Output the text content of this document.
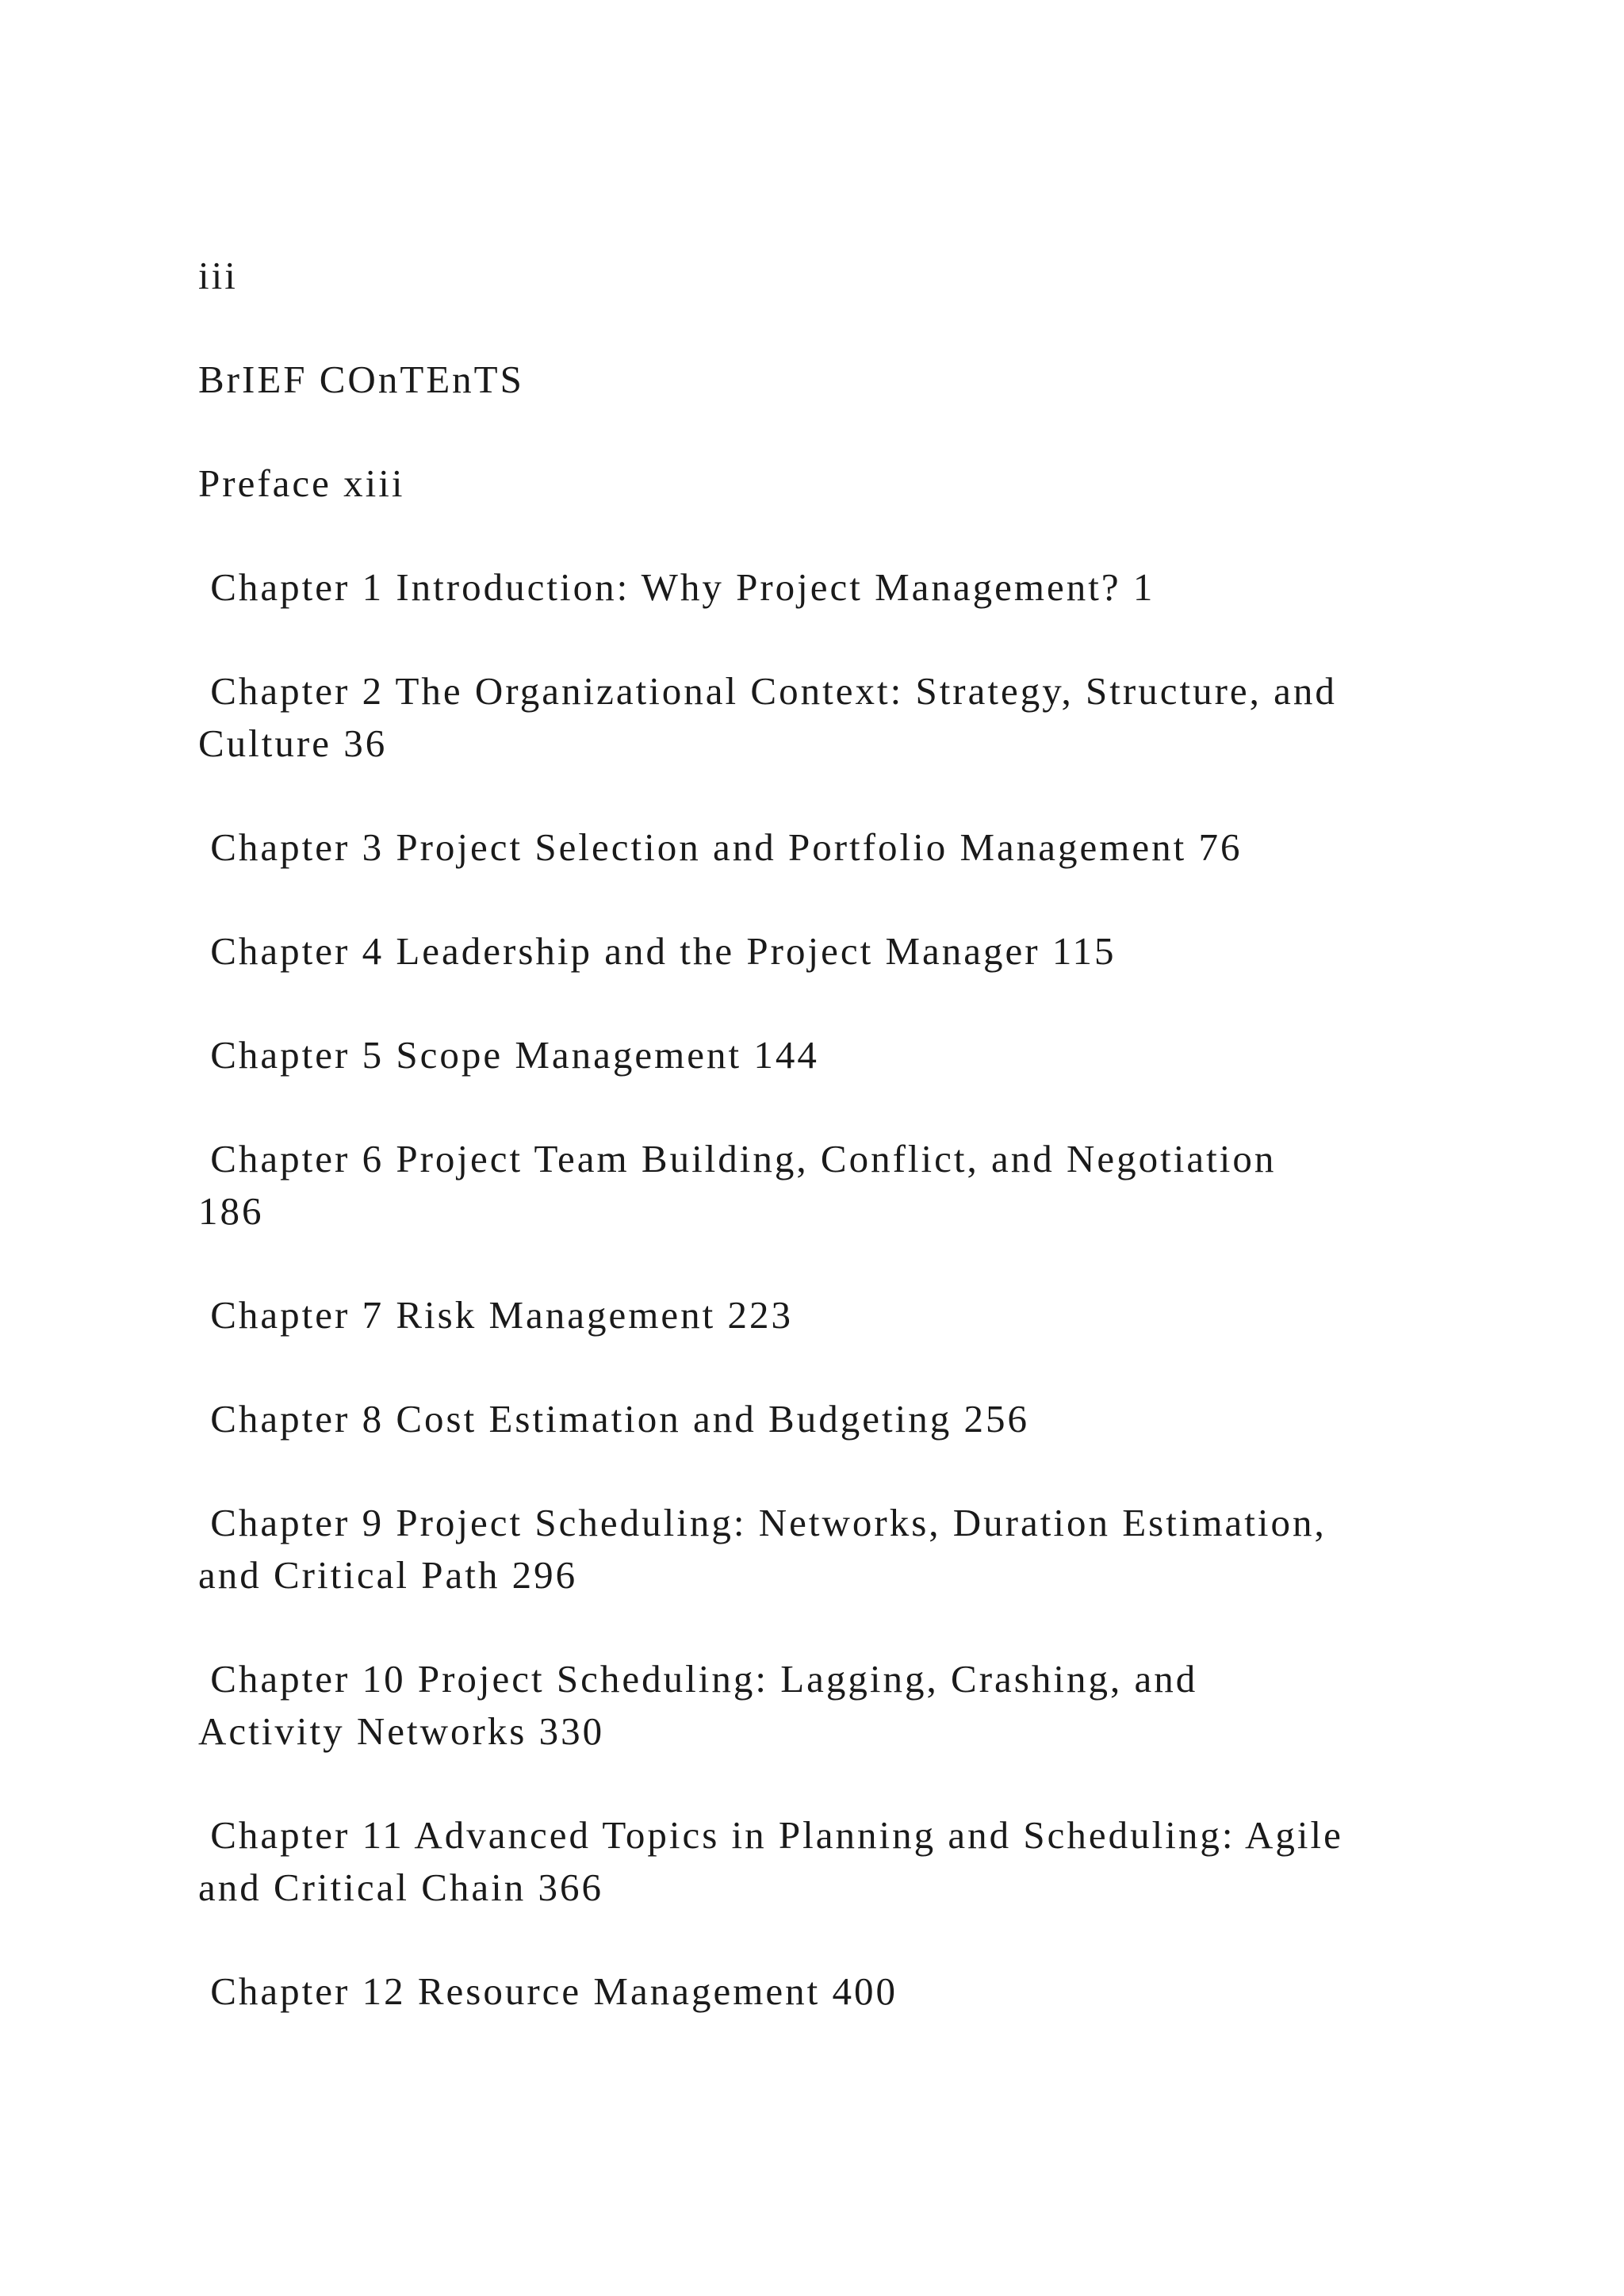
iii

BrIEF COnTEnTS

Preface xiii

Chapter 1 Introduction: Why Project Management? 1

Chapter 2 The Organizational Context: Strategy, Structure, and
Culture 36

Chapter 3 Project Selection and Portfolio Management 76

Chapter 4 Leadership and the Project Manager 115

Chapter 5 Scope Management 144

Chapter 6 Project Team Building, Conflict, and Negotiation
186

Chapter 7 Risk Management 223

Chapter 8 Cost Estimation and Budgeting 256

Chapter 9 Project Scheduling: Networks, Duration Estimation,
and Critical Path 296

Chapter 10 Project Scheduling: Lagging, Crashing, and
Activity Networks 330

Chapter 11 Advanced Topics in Planning and Scheduling: Agile
and Critical Chain 366

Chapter 12 Resource Management 400
